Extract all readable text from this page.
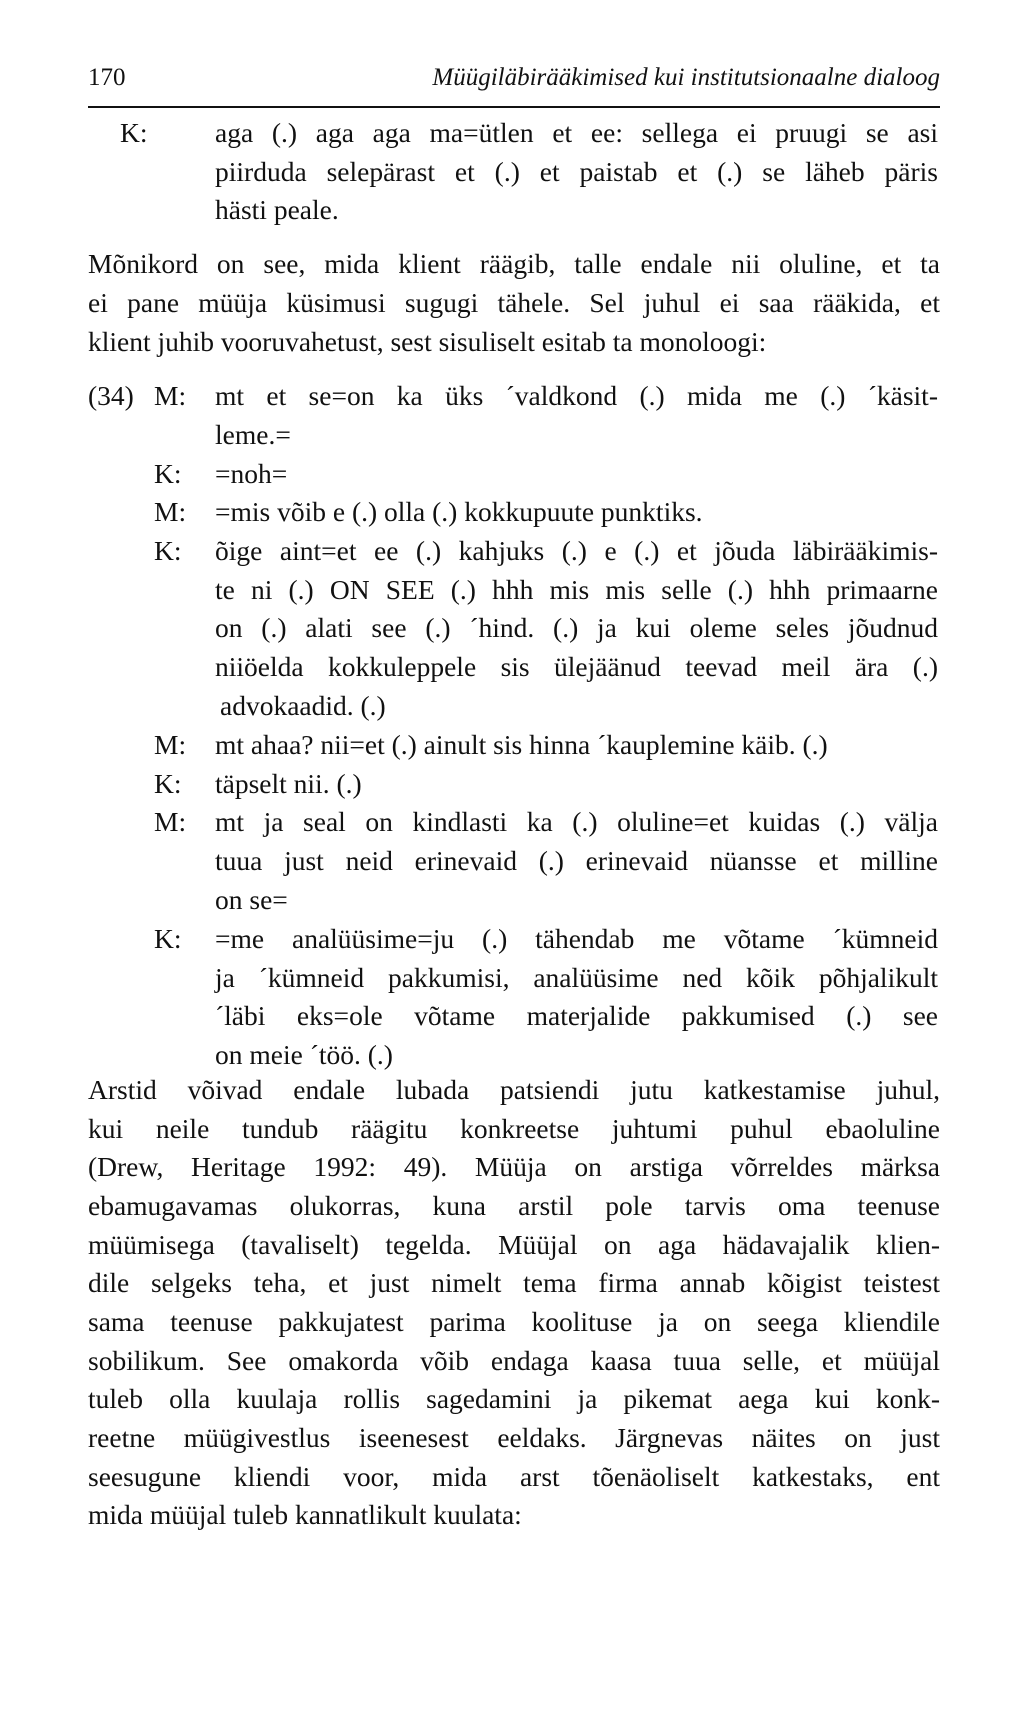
170	Müügiläbirääkimised kui institutsionaalne dialoog
K: aga (.) aga aga ma=ütlen et ee: sellega ei pruugi se asi
piirduda selepärast et (.) et paistab et (.) se läheb päris
hästi peale.
Mõnikord on see, mida klient räägib, talle endale nii oluline, et ta
ei pane müüja küsimusi sugugi tähele. Sel juhul ei saa rääkida, et
klient juhib vooruvahetust, sest sisuliselt esitab ta monoloogi:
(34) M: mt et se=on ka üks ´valdkond (.) mida me (.) ´käsit-
leme.=
K: =noh=
M: =mis võib e (.) olla (.) kokkupuute punktiks.
K: õige aint=et ee (.) kahjuks (.) e (.) et jõuda läbirääkimis-
te ni (.) ON SEE (.) hhh mis mis selle (.) hhh primaarne
on (.) alati see (.) ´hind. (.) ja kui oleme seles jõudnud
niiöelda kokkuleppele sis ülejäänud teevad meil ära (.)
advokaadid. (.)
M: mt ahaa? nii=et (.) ainult sis hinna ´kauplemine käib. (.)
K: täpselt nii. (.)
M: mt ja seal on kindlasti ka (.) oluline=et kuidas (.) välja
tuua just neid erinevaid (.) erinevaid nüansse et milline
on se=
K: =me analüüsime=ju (.) tähendab me võtame ´kümneid
ja ´kümneid pakkumisi, analüüsime ned kõik põhjalikult
´läbi eks=ole võtame materjalide pakkumised (.) see
on meie ´töö. (.)
Arstid võivad endale lubada patsiendi jutu katkestamise juhul,
kui neile tundub räägitu konkreetse juhtumi puhul ebaoluline
(Drew, Heritage 1992: 49). Müüja on arstiga võrreldes märksa
ebamugavamas olukorras, kuna arstil pole tarvis oma teenuse
müümisega (tavaliselt) tegelda. Müüjal on aga hädavajalik klien-
dile selgeks teha, et just nimelt tema firma annab kõigist teistest
sama teenuse pakkujatest parima koolituse ja on seega kliendile
sobilikum. See omakorda võib endaga kaasa tuua selle, et müüjal
tuleb olla kuulaja rollis sagedamini ja pikemat aega kui konk-
reetne müügivestlus iseenesest eeldaks. Järgnevas näites on just
seesugune kliendi voor, mida arst tõenäoliselt katkestaks, ent
mida müüjal tuleb kannatlikult kuulata:
